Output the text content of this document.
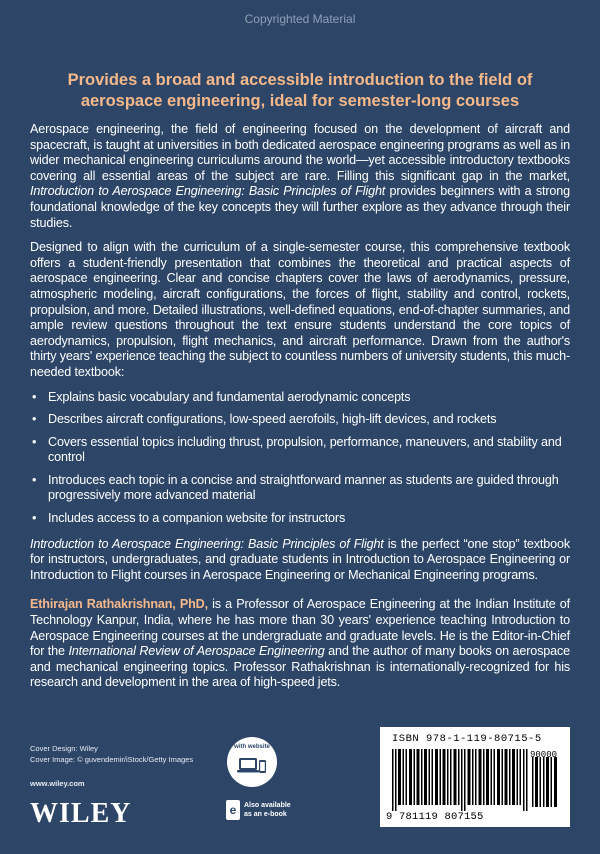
Copyrighted Material
Provides a broad and accessible introduction to the field of aerospace engineering, ideal for semester-long courses

Aerospace engineering, the field of engineering focused on the development of aircraft and spacecraft, is taught at universities in both dedicated aerospace engineering programs as well as in wider mechanical engineering curriculums around the world—yet accessible introductory textbooks covering all essential areas of the subject are rare. Filling this significant gap in the market, Introduction to Aerospace Engineering: Basic Principles of Flight provides beginners with a strong foundational knowledge of the key concepts they will further explore as they advance through their studies.

Designed to align with the curriculum of a single-semester course, this comprehensive textbook offers a student-friendly presentation that combines the theoretical and practical aspects of aerospace engineering. Clear and concise chapters cover the laws of aerodynamics, pressure, atmospheric modeling, aircraft configurations, the forces of flight, stability and control, rockets, propulsion, and more. Detailed illustrations, well-defined equations, end-of-chapter summaries, and ample review questions throughout the text ensure students understand the core topics of aerodynamics, propulsion, flight mechanics, and aircraft performance. Drawn from the author's thirty years' experience teaching the subject to countless numbers of university students, this much-needed textbook:

• Explains basic vocabulary and fundamental aerodynamic concepts
• Describes aircraft configurations, low-speed aerofoils, high-lift devices, and rockets
• Covers essential topics including thrust, propulsion, performance, maneuvers, and stability and control
• Introduces each topic in a concise and straightforward manner as students are guided through progressively more advanced material
• Includes access to a companion website for instructors

Introduction to Aerospace Engineering: Basic Principles of Flight is the perfect “one stop” textbook for instructors, undergraduates, and graduate students in Introduction to Aerospace Engineering or Introduction to Flight courses in Aerospace Engineering or Mechanical Engineering programs.

Ethirajan Rathakrishnan, PhD, is a Professor of Aerospace Engineering at the Indian Institute of Technology Kanpur, India, where he has more than 30 years' experience teaching Introduction to Aerospace Engineering courses at the undergraduate and graduate levels. He is the Editor-in-Chief for the International Review of Aerospace Engineering and the author of many books on aerospace and mechanical engineering topics. Professor Rathakrishnan is internationally-recognized for his research and development in the area of high-speed jets.

Cover Design: Wiley
Cover Image: © guvendemir/iStock/Getty Images
www.wiley.com
WILEY
with website
e	Also available
as an e-book
ISBN 978-1-119-80715-5
90000
9 781119 807155
